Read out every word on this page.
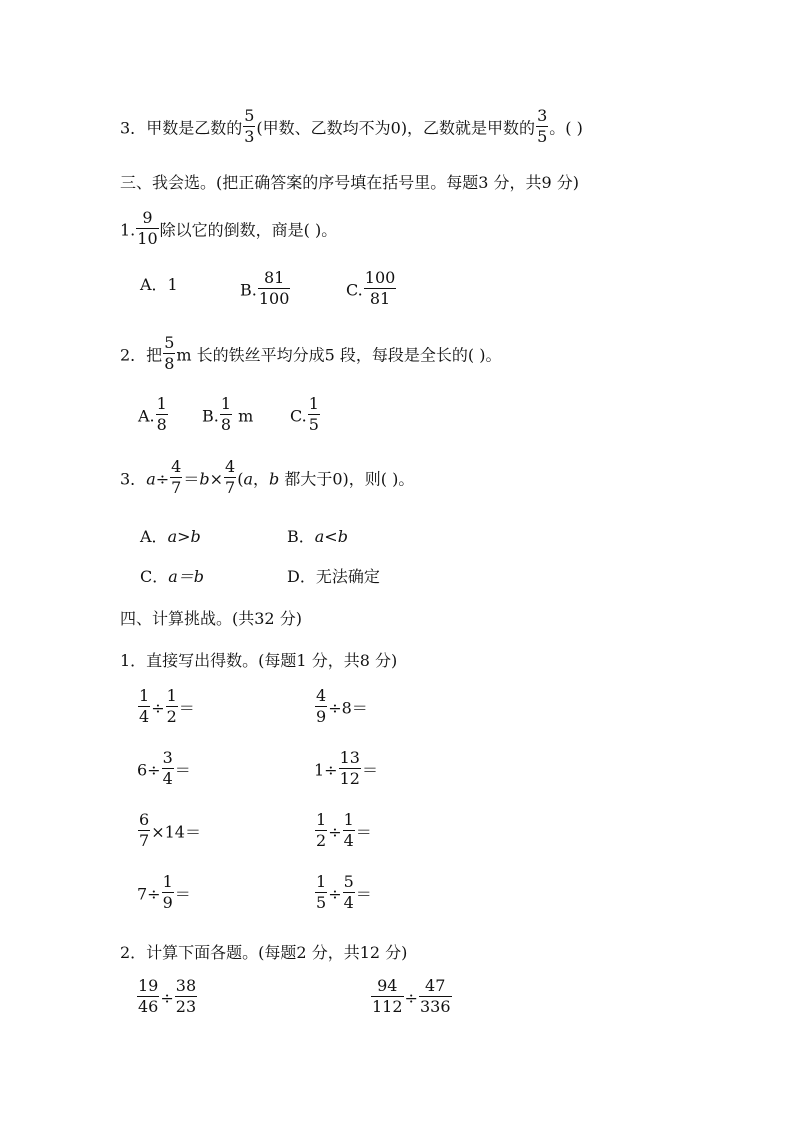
3．甲数是乙数的 $\frac{5}{3}$ (甲数、乙数均不为0)，乙数就是甲数的 $\frac{3}{5}$ 。( )
三、我会选。(把正确答案的序号填在括号里。每题3 分，共9 分)
1. $\frac{9}{10}$ 除以它的倒数，商是( )。
A．1	B. $\frac{81}{100}$	C. $\frac{100}{81}$
2．把 $\frac{5}{8}$ m 长的铁丝平均分成5 段，每段是全长的( )。
A. $\frac{1}{8} B$. $\frac{1}{8}$ m C. $\frac{1}{5}$
3．$a\div \frac{4}{7} =b\times \frac{4}{7} (a$，b 都大于0)，则( )。
A．a>b	B．a<b
C．a＝b	D．无法确定
四、计算挑战。(共32 分)
1．直接写出得数。(每题1 分，共8 分)
$\frac{1}{4} \div \frac{1}{2}$ ＝	$\frac{4}{9} \div 8=$
$6\div \frac{3}{4}$ ＝	$1\div \frac{13}{12}$ ＝
$\frac{6}{7} \times 14=$	$\frac{1}{2} \div \frac{1}{4}$ ＝
$7\div \frac{1}{9}$ ＝	$\frac{1}{5} \div \frac{5}{4}$ ＝
2．计算下面各题。(每题2 分，共12 分)
$\frac{19}{46} \div \frac{38}{23}$	$\frac{94}{112} \div \frac{47}{336}$
